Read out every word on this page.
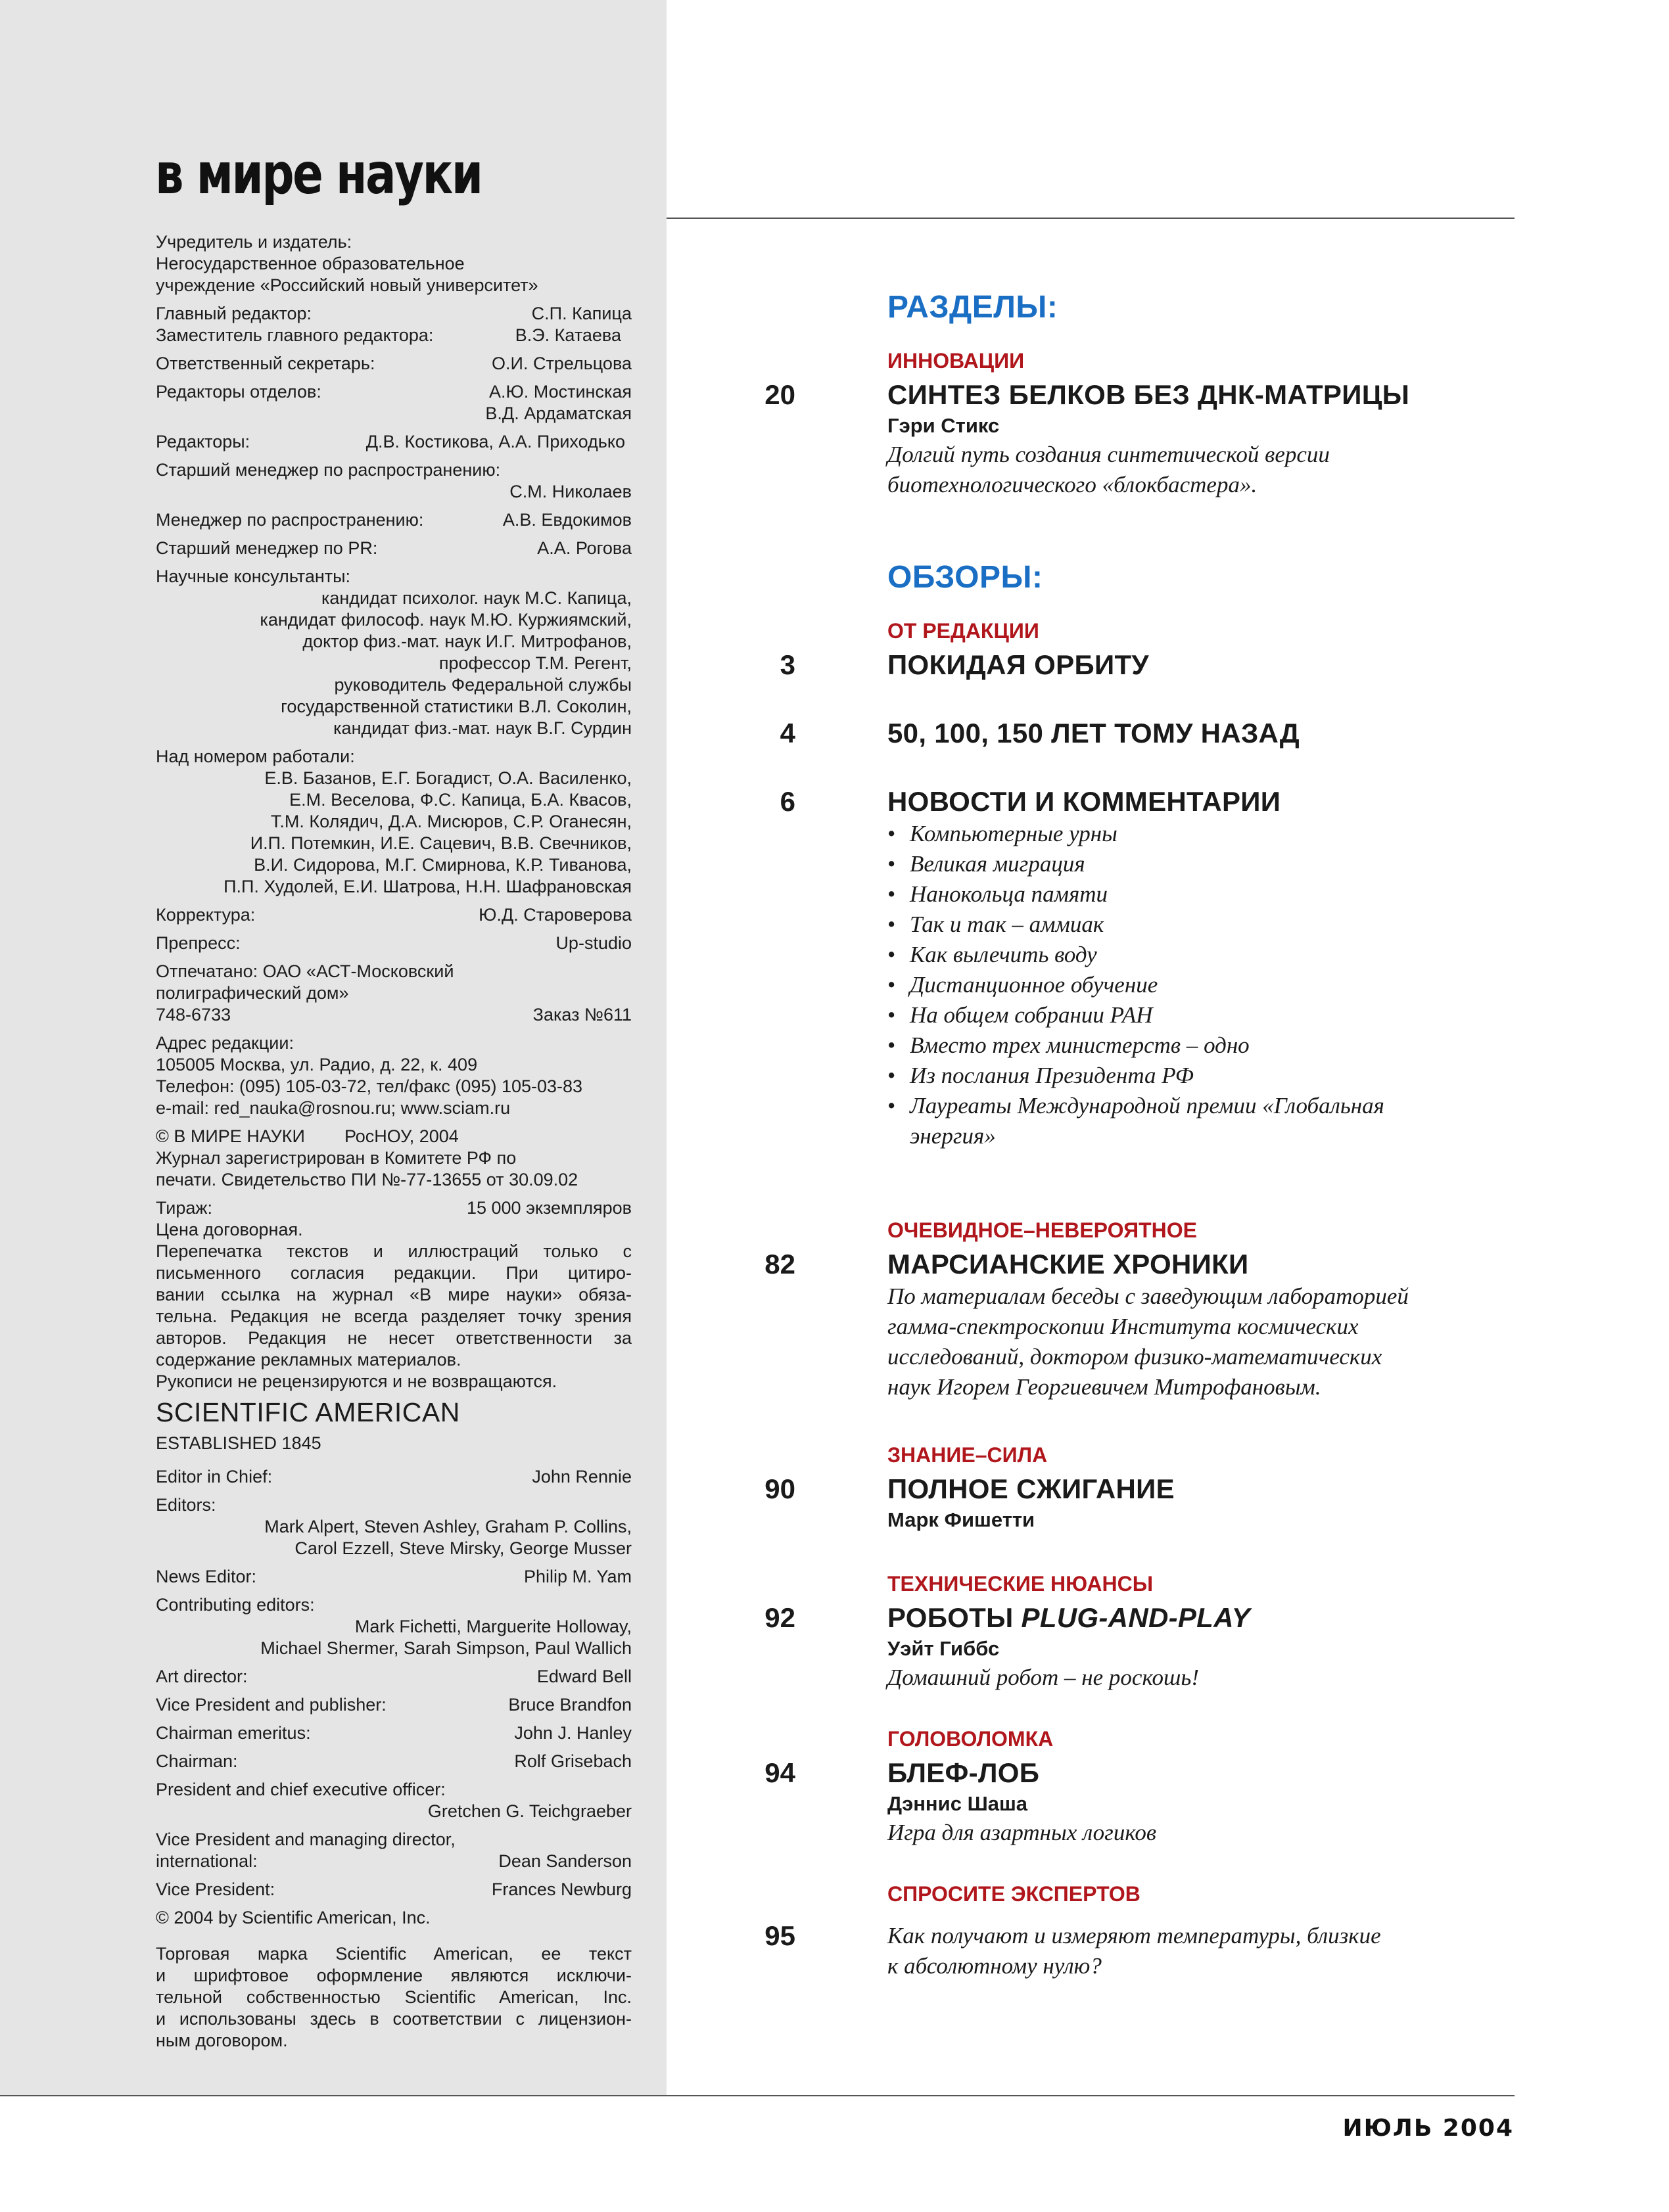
в мире науки
Учредитель и издатель:
Негосударственное образовательное
учреждение «Российский новый университет»
Главный редактор:	С.П. Капица
Заместитель главного редактора:	В.Э. Катаева
Ответственный секретарь:	О.И. Стрельцова
Редакторы отделов:	А.Ю. Мостинская
В.Д. Ардаматская
Редакторы:	Д.В. Костикова, А.А. Приходько
Старший менеджер по распространению:
С.М. Николаев
Менеджер по распространению:	А.В. Евдокимов
Старший менеджер по PR:	А.А. Рогова
Научные консультанты:
кандидат психолог. наук М.С. Капица,
кандидат философ. наук М.Ю. Куржиямский,
доктор физ.-мат. наук И.Г. Митрофанов,
профессор Т.М. Регент,
руководитель Федеральной службы
государственной статистики В.Л. Соколин,
кандидат физ.-мат. наук В.Г. Сурдин
Над номером работали:
Е.В. Базанов, Е.Г. Богадист, О.А. Василенко,
Е.М. Веселова, Ф.С. Капица, Б.А. Квасов,
Т.М. Колядич, Д.А. Мисюров, С.Р. Оганесян,
И.П. Потемкин, И.Е. Сацевич, В.В. Свечников,
В.И. Сидорова, М.Г. Смирнова, К.Р. Тиванова,
П.П. Худолей, Е.И. Шатрова, Н.Н. Шафрановская
Корректура:	Ю.Д. Староверова
Препресс:	Up-studio
Отпечатано: ОАО «АСТ-Московский
полиграфический дом»
748-6733	Заказ №611
Адрес редакции:
105005 Москва, ул. Радио, д. 22, к. 409
Телефон: (095) 105-03-72, тел/факс (095) 105-03-83
e-mail: red_nauka@rosnou.ru; www.sciam.ru
© В МИРЕ НАУКИ РосНОУ, 2004
Журнал зарегистрирован в Комитете РФ по
печати. Свидетельство ПИ №-77-13655 от 30.09.02
Тираж:	15 000 экземпляров
Цена договорная.

Перепечатка текстов и иллюстраций только с

письменного согласия редакции. При цитиро-

вании ссылка на журнал «В мире науки» обяза-

тельна. Редакция не всегда разделяет точку зрения

авторов. Редакция не несет ответственности за

содержание рекламных материалов.

Рукописи не рецензируются и не возвращаются.
SCIENTIFIC AMERICAN
ESTABLISHED 1845
Editor in Chief:	John Rennie
Editors:
Mark Alpert, Steven Ashley, Graham P. Collins,
Carol Ezzell, Steve Mirsky, George Musser
News Editor:	Philip M. Yam
Contributing editors:
Mark Fichetti, Marguerite Holloway,
Michael Shermer, Sarah Simpson, Paul Wallich
Art director:	Edward Bell
Vice President and publisher:	Bruce Brandfon
Chairman emeritus:	John J. Hanley
Chairman:	Rolf Grisebach
President and chief executive officer:
Gretchen G. Teichgraeber
Vice President and managing director,
international:	Dean Sanderson
Vice President:	Frances Newburg
© 2004 by Scientific American, Inc.

Торговая марка Scientific American, ее текст

и шрифтовое оформление являются исключи-

тельной собственностью Scientific American, Inc.

и использованы здесь в соответствии с лицензион-

ным договором.

РАЗДЕЛЫ:
ИННОВАЦИИ
20	СИНТЕЗ БЕЛКОВ БЕЗ ДНК-МАТРИЦЫ
Гэри Стикс
Долгий путь создания синтетической версии
биотехнологического «блокбастера».
ОБЗОРЫ:
ОТ РЕДАКЦИИ
3	ПОКИДАЯ ОРБИТУ
4	50, 100, 150 ЛЕТ ТОМУ НАЗАД
6	НОВОСТИ И КОММЕНТАРИИ
• Компьютерные урны
• Великая миграция
• Нанокольца памяти
• Так и так – аммиак
• Как вылечить воду
• Дистанционное обучение
• На общем собрании РАН
• Вместо трех министерств – одно
• Из послания Президента РФ
• Лауреаты Международной премии «Глобальная энергия»
ОЧЕВИДНОЕ–НЕВЕРОЯТНОЕ
82	МАРСИАНСКИЕ ХРОНИКИ
По материалам беседы с заведующим лабораторией
гамма-спектроскопии Института космических
исследований, доктором физико-математических
наук Игорем Георгиевичем Митрофановым.
ЗНАНИЕ–СИЛА
90	ПОЛНОЕ СЖИГАНИЕ
Марк Фишетти
ТЕХНИЧЕСКИЕ НЮАНСЫ
92	РОБОТЫ PLUG-AND-PLAY
Уэйт Гиббс
Домашний робот – не роскошь!
ГОЛОВОЛОМКА
94	БЛЕФ-ЛОБ
Дэннис Шаша
Игра для азартных логиков
СПРОСИТЕ ЭКСПЕРТОВ
95	Как получают и измеряют температуры, близкие
к абсолютному нулю?
ИЮЛЬ 2004
